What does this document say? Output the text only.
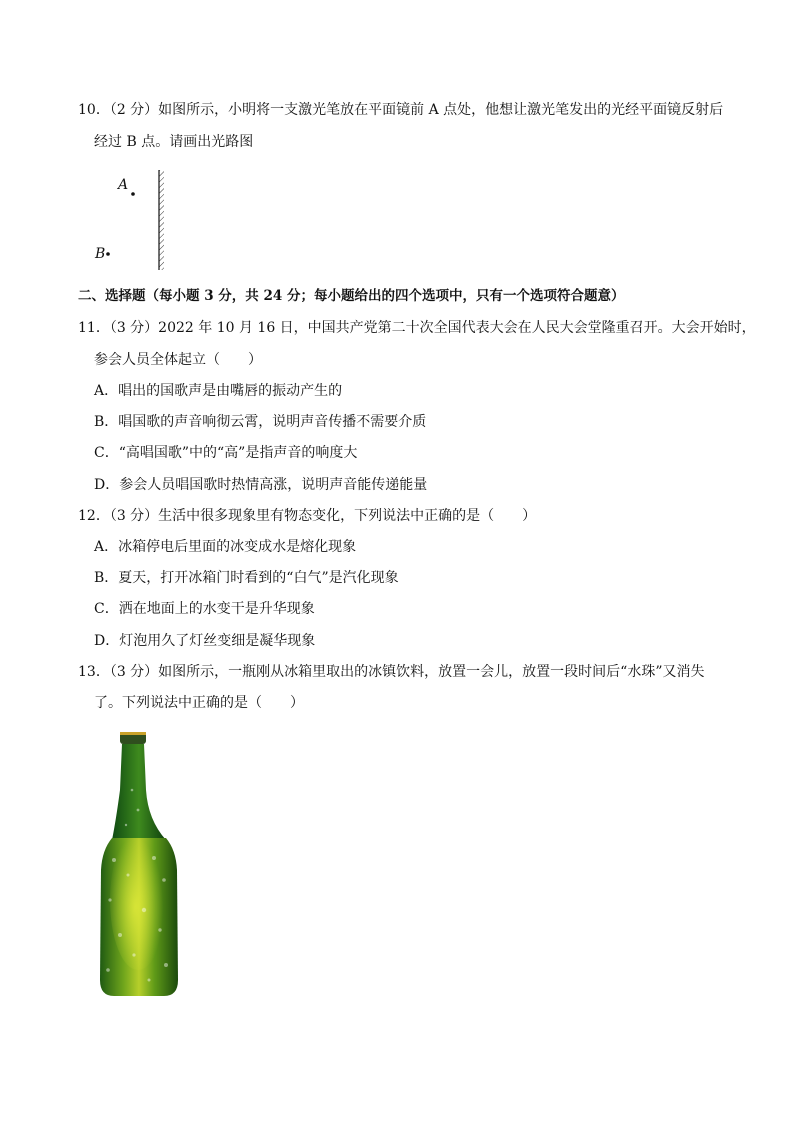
10．（2 分）如图所示，小明将一支激光笔放在平面镜前 A 点处，他想让激光笔发出的光经平面镜反射后
经过 B 点。请画出光路图
A
B
二、选择题（每小题 3 分，共 24 分；每小题给出的四个选项中，只有一个选项符合题意）
11．（3 分）2022 年 10 月 16 日，中国共产党第二十次全国代表大会在人民大会堂隆重召开。大会开始时，
参会人员全体起立（　　）
A．唱出的国歌声是由嘴唇的振动产生的
B．唱国歌的声音响彻云霄，说明声音传播不需要介质
C．“高唱国歌”中的“高”是指声音的响度大
D．参会人员唱国歌时热情高涨，说明声音能传递能量
12．（3 分）生活中很多现象里有物态变化，下列说法中正确的是（　　）
A．冰箱停电后里面的冰变成水是熔化现象
B．夏天，打开冰箱门时看到的“白气”是汽化现象
C．洒在地面上的水变干是升华现象
D．灯泡用久了灯丝变细是凝华现象
13．（3 分）如图所示，一瓶刚从冰箱里取出的冰镇饮料，放置一会儿，放置一段时间后“水珠”又消失
了。下列说法中正确的是（　　）
